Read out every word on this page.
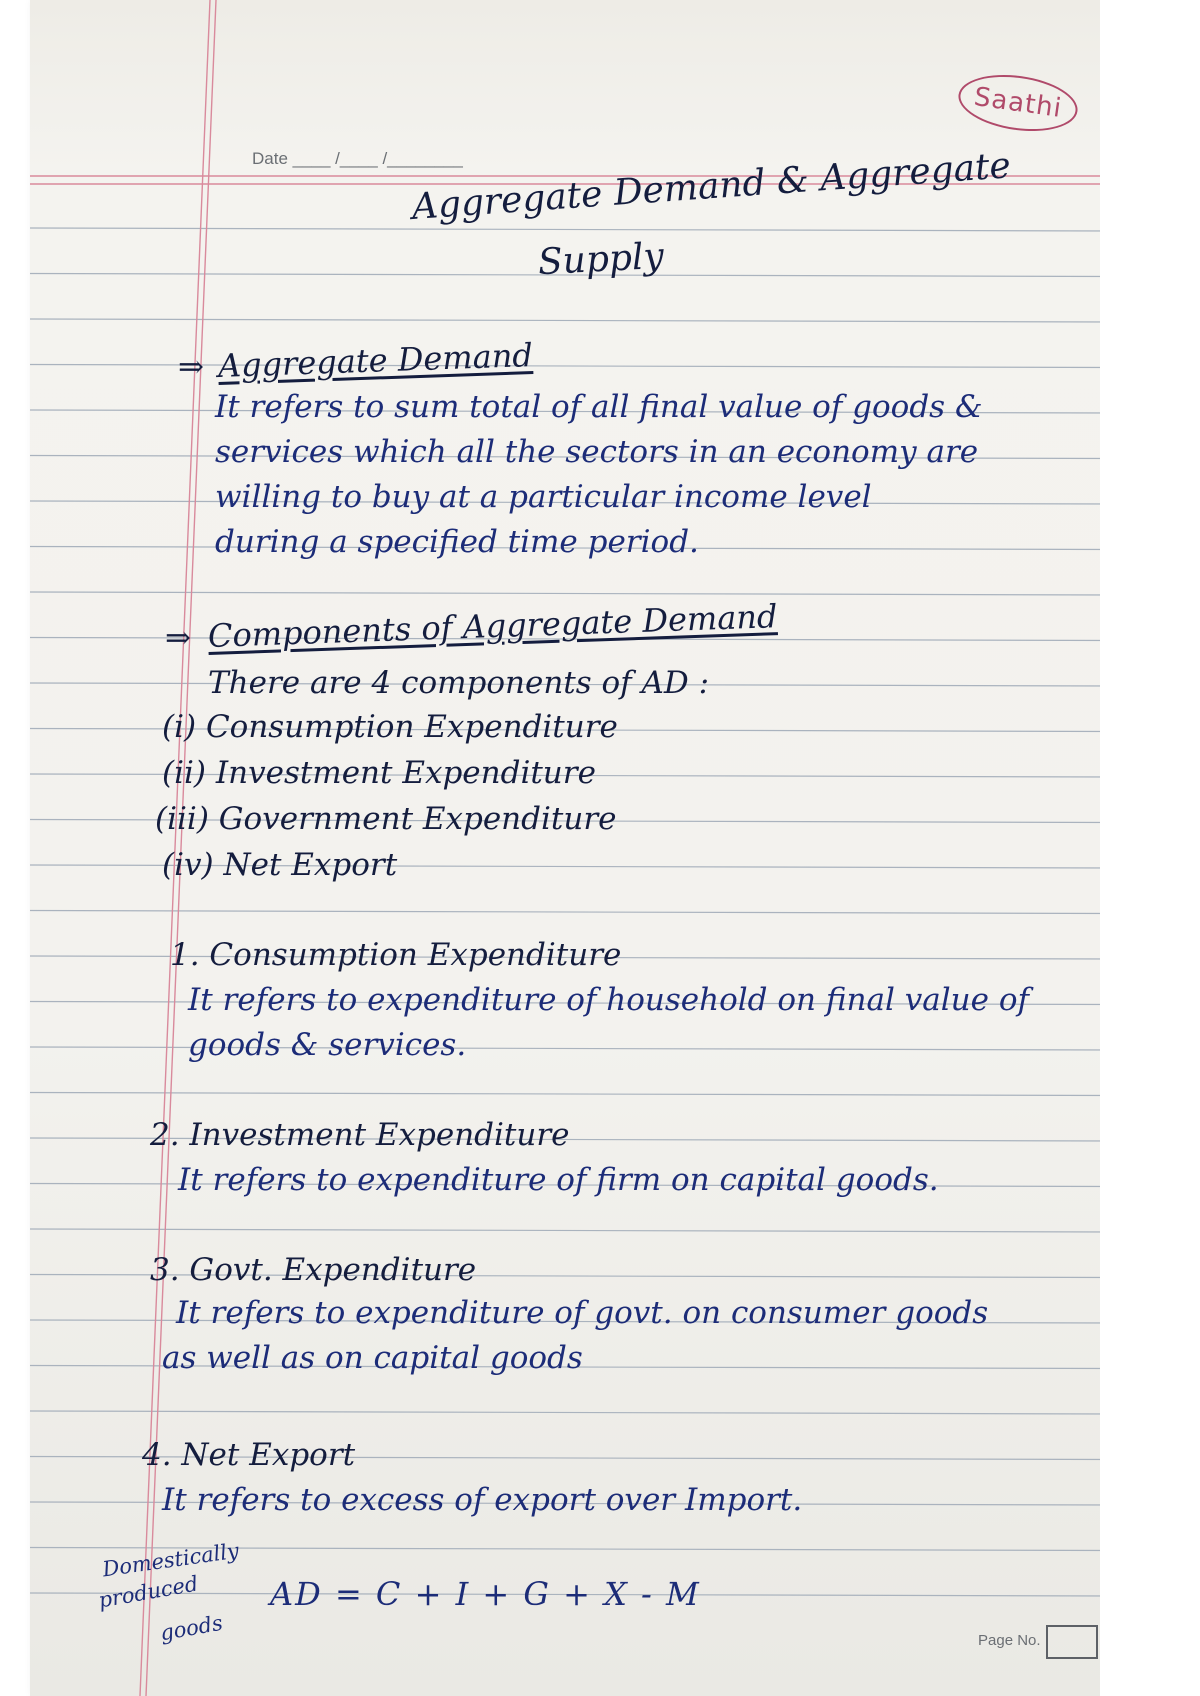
Saathi
Date ____ /____ /________
Aggregate Demand & Aggregate
Supply
⇒ Aggregate Demand
It refers to sum total of all final value of goods &
services which all the sectors in an economy are
willing to buy at a particular income level
during a specified time period.
⇒ Components of Aggregate Demand
There are 4 components of AD :
(i) Consumption Expenditure
(ii) Investment Expenditure
(iii) Government Expenditure
(iv) Net Export
1. Consumption Expenditure
It refers to expenditure of household on final value of
goods & services.
2. Investment Expenditure
It refers to expenditure of firm on capital goods.
3. Govt. Expenditure
It refers to expenditure of govt. on consumer goods
as well as on capital goods
4. Net Export
It refers to excess of export over Import.
Domestically
produced
goods
AD = C + I + G + X - M
Page No.
